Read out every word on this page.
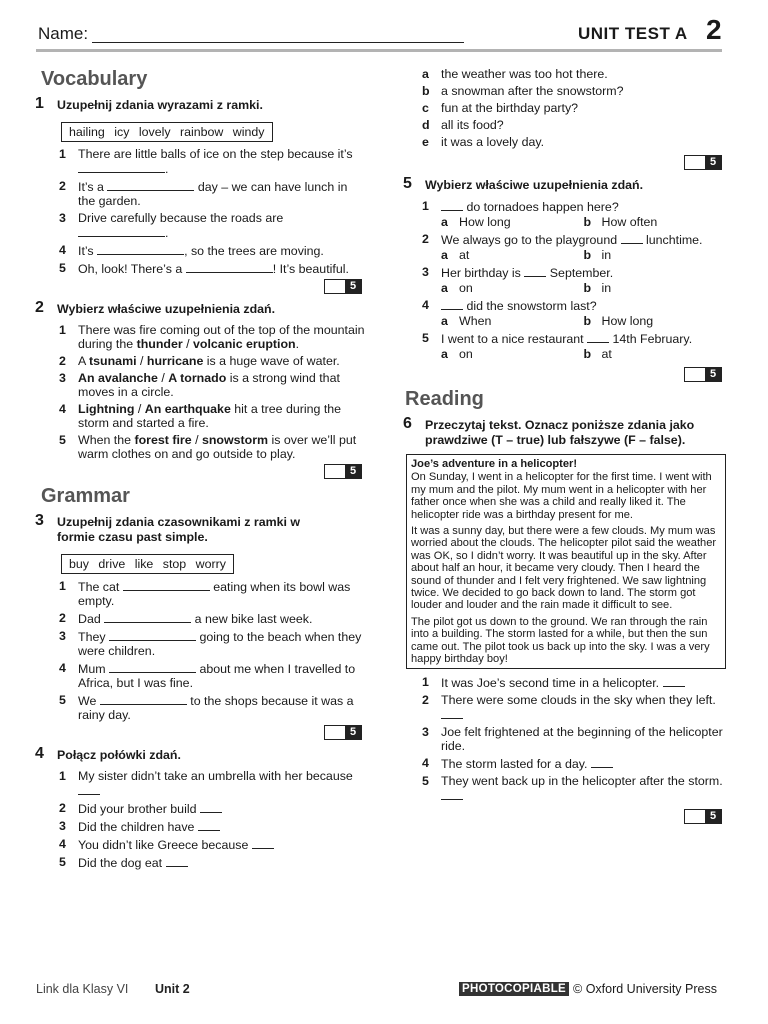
Name:	UNIT TEST A 2
Vocabulary
1	Uzupełnij zdania wyrazami z ramki.
hailing icy lovely rainbow windy
1 There are little balls of ice on the step because it’s .
2 It’s a	day – we can have lunch in the garden.
3 Drive carefully because the roads are .
4 It’s	, so the trees are moving.
5 Oh, look! There’s a	! It’s beautiful.
5
2	Wybierz właściwe uzupełnienia zdań.
1 There was fire coming out of the top of the mountain during the thunder / volcanic eruption.
2 A tsunami / hurricane is a huge wave of water.
3 An avalanche / A tornado is a strong wind that moves in a circle.
4 Lightning / An earthquake hit a tree during the storm and started a fire.
5 When the forest fire / snowstorm is over we’ll put warm clothes on and go outside to play.
5
Grammar
3	Uzupełnij zdania czasownikami z ramki w formie czasu past simple.
buy drive like stop worry
1 The cat	eating when its bowl was empty.
2 Dad	a new bike last week.
3 They	going to the beach when they were children.
4 Mum	about me when I travelled to Africa, but I was fine.
5 We	to the shops because it was a rainy day.
5
4	Połącz połówki zdań.
1 My sister didn’t take an umbrella with her because
2 Did your brother build
3 Did the children have
4 You didn’t like Greece because
5 Did the dog eat
a the weather was too hot there.
b a snowman after the snowstorm?
c fun at the birthday party?
d all its food?
e it was a lovely day.
5
5	Wybierz właściwe uzupełnienia zdań.
1	do tornadoes happen here?
a How long	b How often
2 We always go to the playground lunchtime.
a at	b in
3 Her birthday is September.
a on	b in
4	did the snowstorm last?
a When	b How long
5 I went to a nice restaurant 14th February.
a on	b at
5
Reading
6	Przeczytaj tekst. Oznacz poniższe zdania jako prawdziwe (T – true) lub fałszywe (F – false).

Joe’s adventure in a helicopter!

On Sunday, I went in a helicopter for the first time. I went with my mum and the pilot. My mum went in a helicopter with her father once when she was a child and really liked it. The helicopter ride was a birthday present for me.

It was a sunny day, but there were a few clouds. My mum was worried about the clouds. The helicopter pilot said the weather was OK, so I didn’t worry. It was beautiful up in the sky. After about half an hour, it became very cloudy. Then I heard the sound of thunder and I felt very frightened. We saw lightning twice. We decided to go back down to land. The storm got louder and louder and the rain made it difficult to see.

The pilot got us down to the ground. We ran through the rain into a building. The storm lasted for a while, but then the sun came out. The pilot took us back up into the sky. I was a very happy birthday boy!

1 It was Joe’s second time in a helicopter.
2 There were some clouds in the sky when they left.
3 Joe felt frightened at the beginning of the helicopter ride.
4 The storm lasted for a day.
5 They went back up in the helicopter after the storm.
5
Link dla Klasy VI Unit 2	PHOTOCOPIABLE © Oxford University Press
